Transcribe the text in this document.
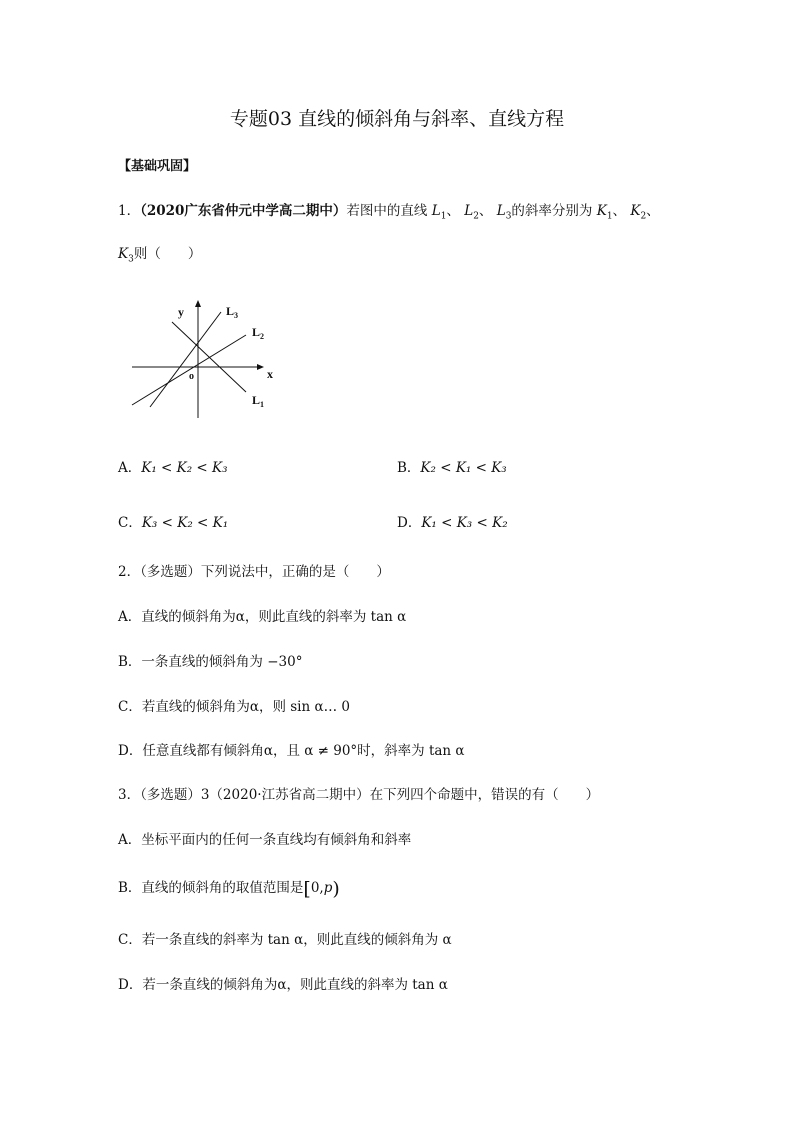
专题03 直线的倾斜角与斜率、直线方程
【基础巩固】
1．（2020广东省仲元中学高二期中）若图中的直线 $L_1$、 $L_2$、 $L_3$的斜率分别为 $K_1$、 $K_2$、
$K_3$则（　　）
y
x
o
$L_3$
$L_2$
$L_1$
A．K₁ < K₂ < K₃	B．K₂ < K₁ < K₃
C．K₃ < K₂ < K₁	D．K₁ < K₃ < K₂
2．（多选题）下列说法中，正确的是（　　）
A．直线的倾斜角为α，则此直线的斜率为 tan α
B．一条直线的倾斜角为 −30°
C．若直线的倾斜角为α，则 sin α… 0
D．任意直线都有倾斜角α，且 α ≠ 90°时，斜率为 tan α
3．（多选题）3（2020·江苏省高二期中）在下列四个命题中，错误的有（　　）
A．坐标平面内的任何一条直线均有倾斜角和斜率
B．直线的倾斜角的取值范围是[0,p)
C．若一条直线的斜率为 tan α，则此直线的倾斜角为 α
D．若一条直线的倾斜角为α，则此直线的斜率为 tan α
